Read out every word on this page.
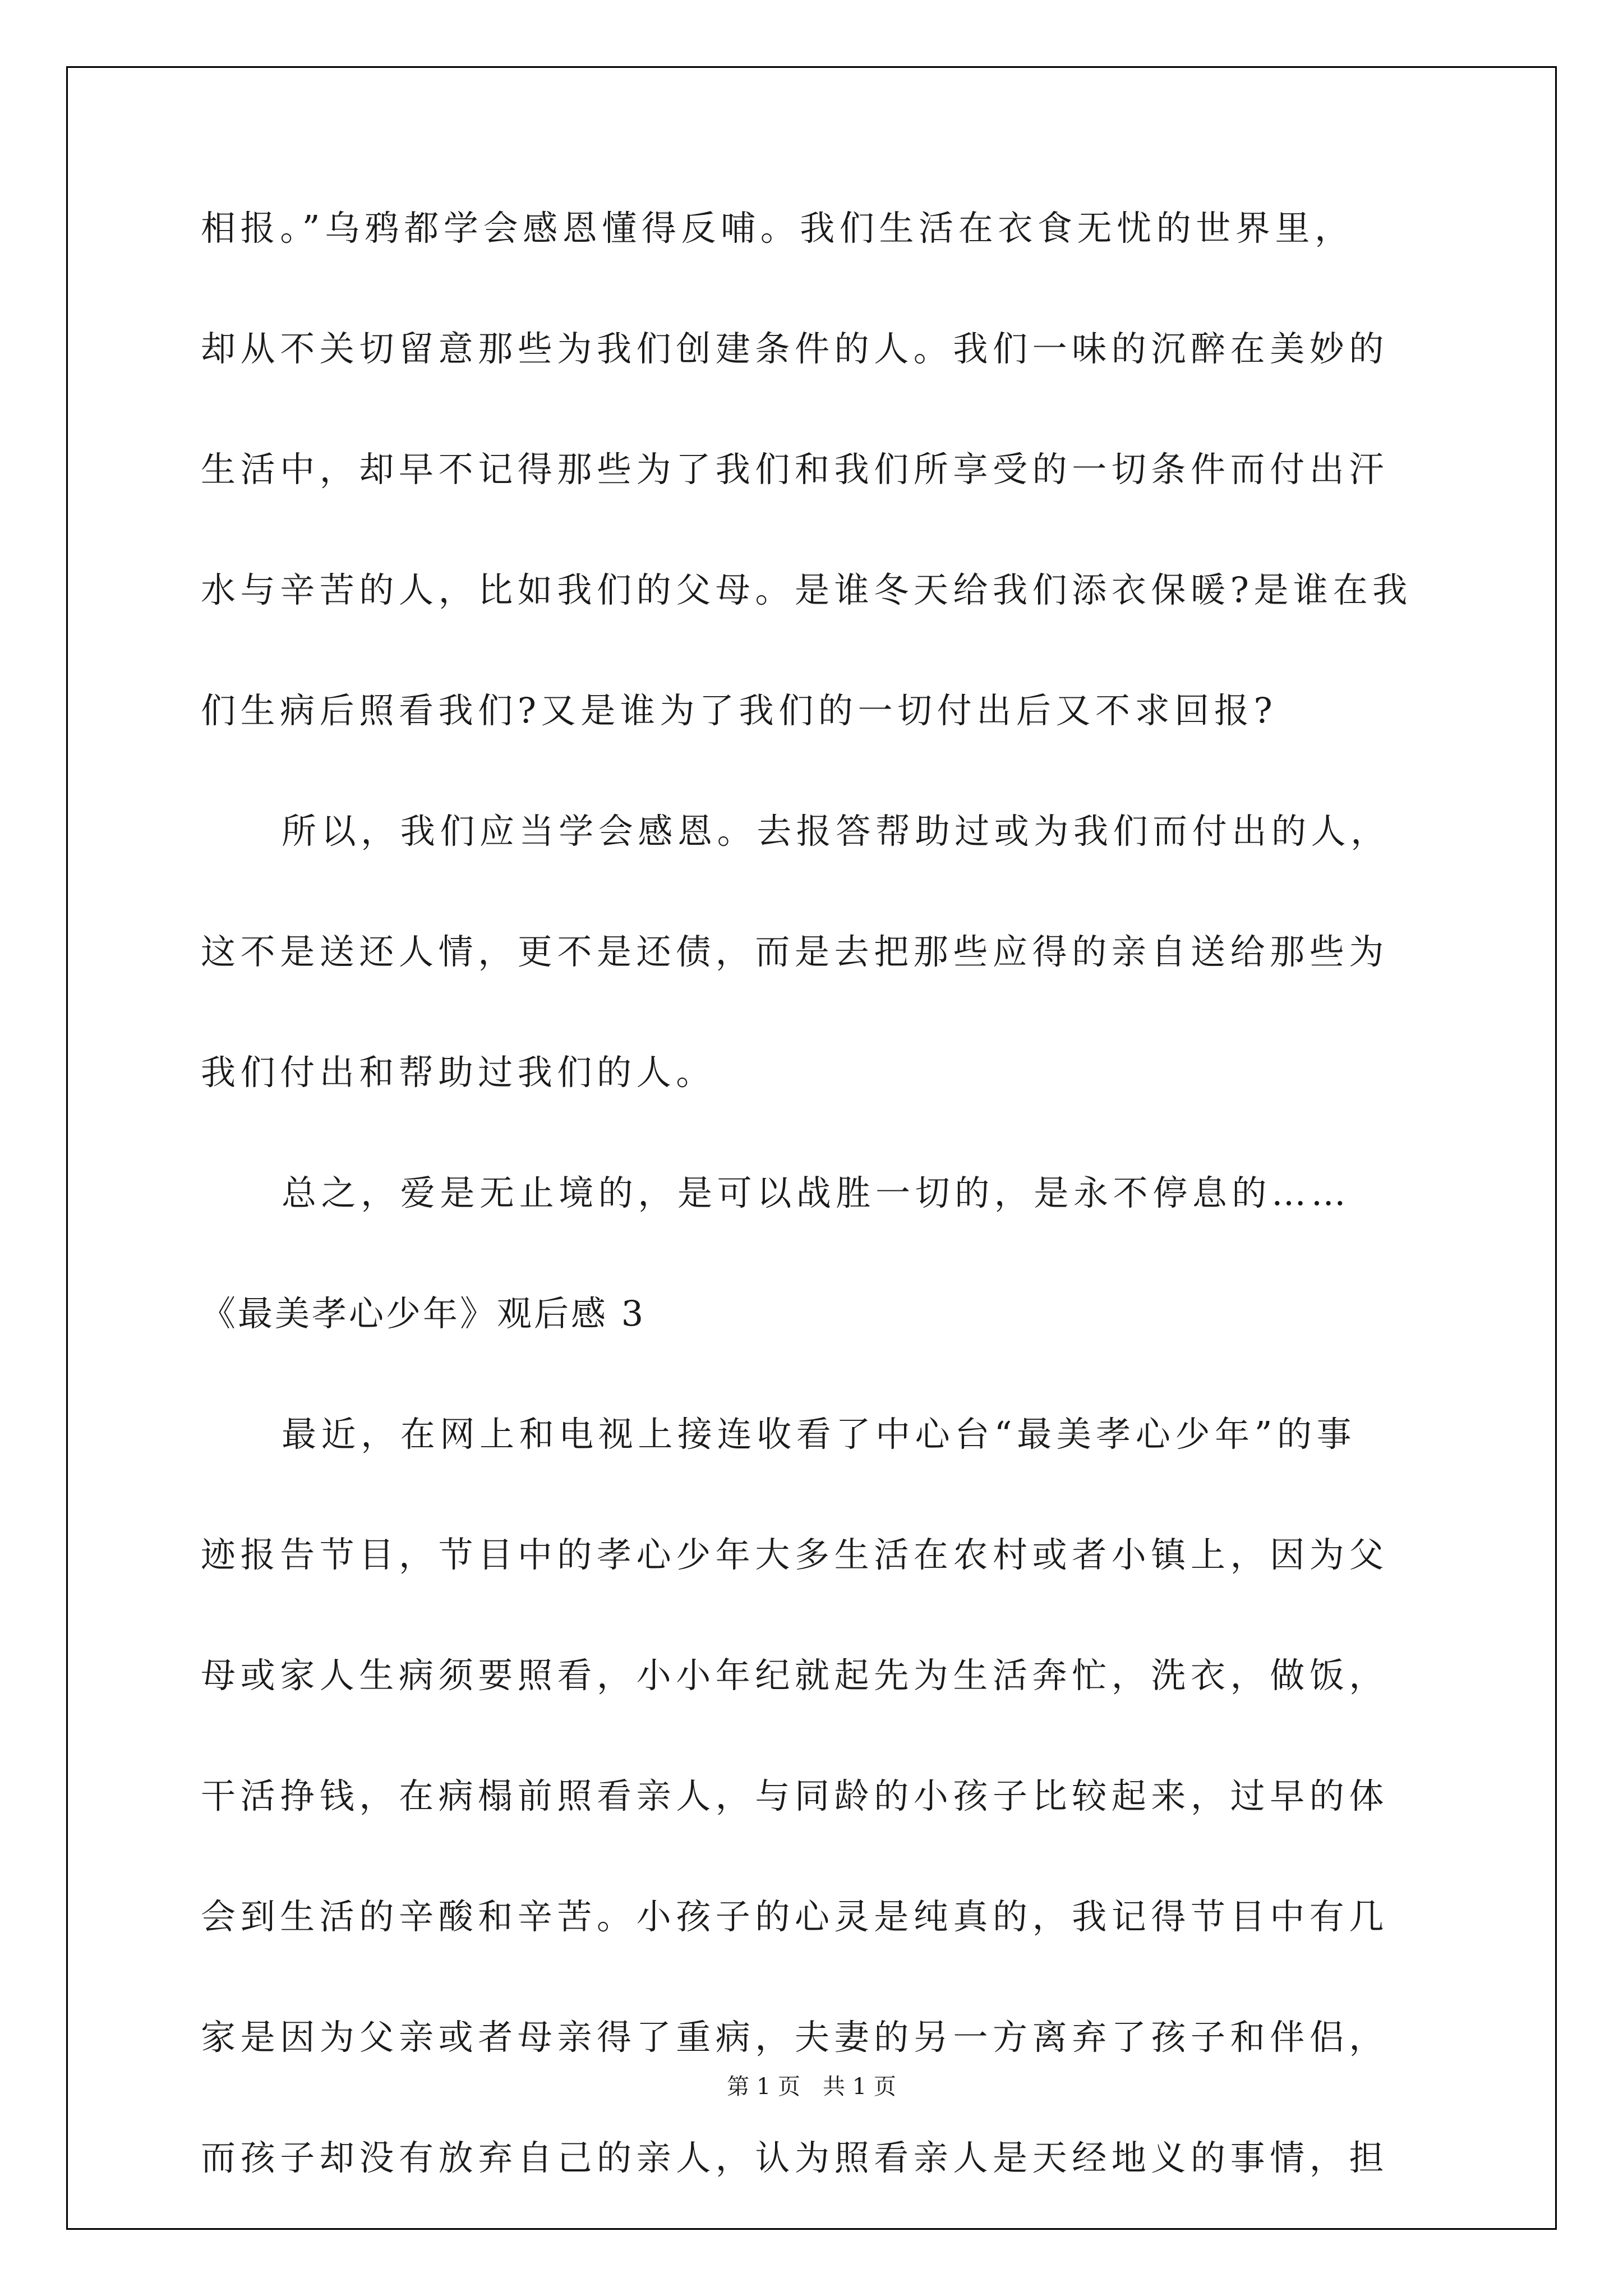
相报。”乌鸦都学会感恩懂得反哺。我们生活在衣食无忧的世界里，
却从不关切留意那些为我们创建条件的人。我们一味的沉醉在美妙的
生活中，却早不记得那些为了我们和我们所享受的一切条件而付出汗
水与辛苦的人，比如我们的父母。是谁冬天给我们添衣保暖?是谁在我
们生病后照看我们?又是谁为了我们的一切付出后又不求回报?
所以，我们应当学会感恩。去报答帮助过或为我们而付出的人，
这不是送还人情，更不是还债，而是去把那些应得的亲自送给那些为
我们付出和帮助过我们的人。
总之，爱是无止境的，是可以战胜一切的，是永不停息的……
《最美孝心少年》观后感 3
最近，在网上和电视上接连收看了中心台“最美孝心少年”的事
迹报告节目，节目中的孝心少年大多生活在农村或者小镇上，因为父
母或家人生病须要照看，小小年纪就起先为生活奔忙，洗衣，做饭，
干活挣钱，在病榻前照看亲人，与同龄的小孩子比较起来，过早的体
会到生活的辛酸和辛苦。小孩子的心灵是纯真的，我记得节目中有几
家是因为父亲或者母亲得了重病，夫妻的另一方离弃了孩子和伴侣，
而孩子却没有放弃自己的亲人，认为照看亲人是天经地义的事情，担
第 1 页 共 1 页
